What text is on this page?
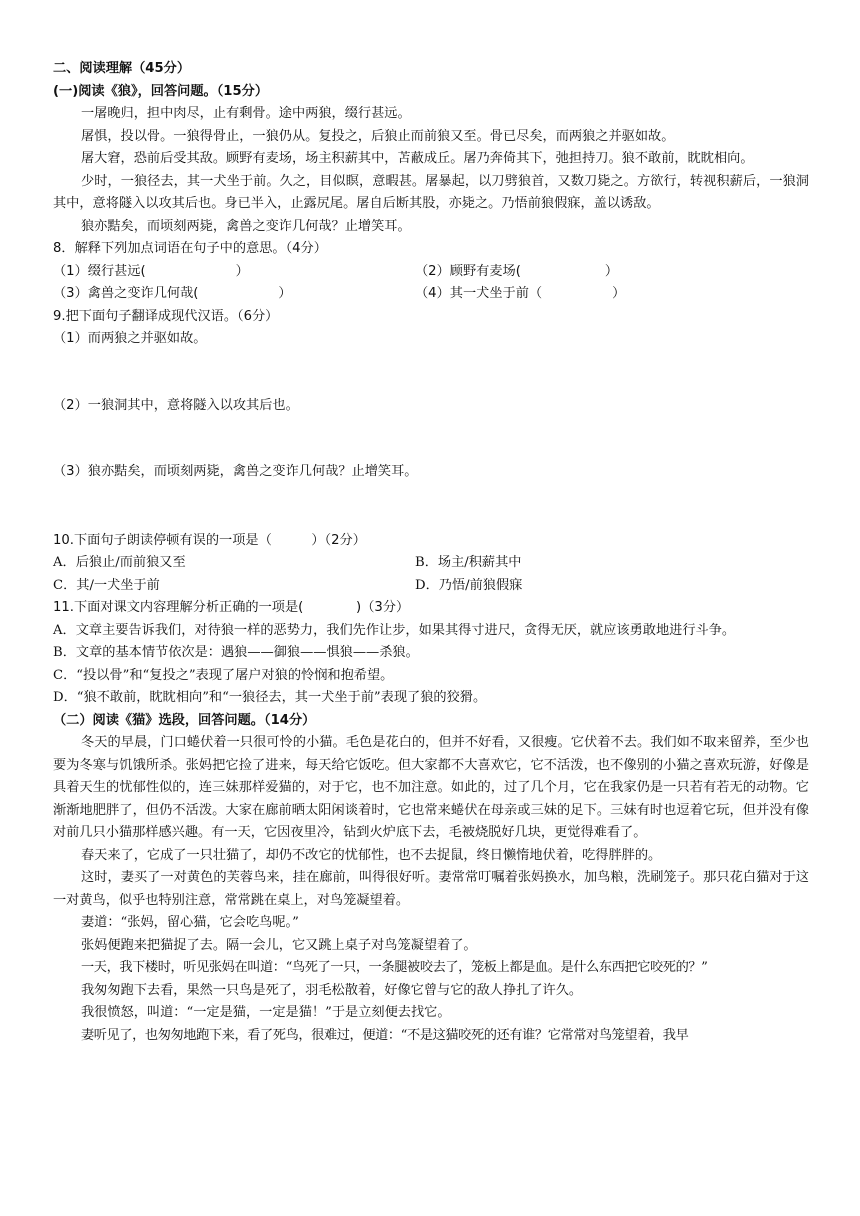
二、阅读理解（45分）
(一)阅读《狼》，回答问题。（15分）
一屠晚归，担中肉尽，止有剩骨。途中两狼，缀行甚远。
屠惧，投以骨。一狼得骨止，一狼仍从。复投之，后狼止而前狼又至。骨已尽矣，而两狼之并驱如故。
屠大窘，恐前后受其敌。顾野有麦场，场主积薪其中，苫蔽成丘。屠乃奔倚其下，弛担持刀。狼不敢前，眈眈相向。
少时，一狼径去，其一犬坐于前。久之，目似瞑，意暇甚。屠暴起，以刀劈狼首，又数刀毙之。方欲行，转视积薪后，一狼洞其中，意将隧入以攻其后也。身已半入，止露尻尾。屠自后断其股，亦毙之。乃悟前狼假寐，盖以诱敌。
狼亦黠矣，而顷刻两毙，禽兽之变诈几何哉？止增笑耳。
8．解释下列加点词语在句子中的意思。（4分）
（1）缀行甚远(	）	（2）顾野有麦场(	）
（3）禽兽之变诈几何哉(	）	（4）其一犬坐于前（	）
9.把下面句子翻译成现代汉语。（6分）
（1）而两狼之并驱如故。
（2）一狼洞其中，意将隧入以攻其后也。
（3）狼亦黠矣，而顷刻两毙，禽兽之变诈几何哉？止增笑耳。
10.下面句子朗读停顿有误的一项是（　　　）（2分）
A．后狼止/而前狼又至	B．场主/积薪其中
C．其/一犬坐于前	D．乃悟/前狼假寐
11.下面对课文内容理解分析正确的一项是(　　　　)（3分）
A．文章主要告诉我们，对待狼一样的恶势力，我们先作让步，如果其得寸进尺，贪得无厌，就应该勇敢地进行斗争。
B．文章的基本情节依次是：遇狼——御狼——惧狼——杀狼。
C．“投以骨”和“复投之”表现了屠户对狼的怜悯和抱希望。
D．“狼不敢前，眈眈相向”和“一狼径去，其一犬坐于前”表现了狼的狡猾。
（二）阅读《猫》选段，回答问题。（14分）
冬天的早晨，门口蜷伏着一只很可怜的小猫。毛色是花白的，但并不好看，又很瘦。它伏着不去。我们如不取来留养，至少也要为冬寒与饥饿所杀。张妈把它捡了进来，每天给它饭吃。但大家都不大喜欢它，它不活泼，也不像别的小猫之喜欢玩游，好像是具着天生的忧郁性似的，连三妹那样爱猫的，对于它，也不加注意。如此的，过了几个月，它在我家仍是一只若有若无的动物。它渐渐地肥胖了，但仍不活泼。大家在廊前晒太阳闲谈着时，它也常来蜷伏在母亲或三妹的足下。三妹有时也逗着它玩，但并没有像对前几只小猫那样感兴趣。有一天，它因夜里冷，钻到火炉底下去，毛被烧脱好几块，更觉得难看了。
春天来了，它成了一只壮猫了，却仍不改它的忧郁性，也不去捉鼠，终日懒惰地伏着，吃得胖胖的。
这时，妻买了一对黄色的芙蓉鸟来，挂在廊前，叫得很好听。妻常常叮嘱着张妈换水，加鸟粮，洗刷笼子。那只花白猫对于这一对黄鸟，似乎也特别注意，常常跳在桌上，对鸟笼凝望着。
妻道：“张妈，留心猫，它会吃鸟呢。”
张妈便跑来把猫捉了去。隔一会儿，它又跳上桌子对鸟笼凝望着了。
一天，我下楼时，听见张妈在叫道：“鸟死了一只，一条腿被咬去了，笼板上都是血。是什么东西把它咬死的？”
我匆匆跑下去看，果然一只鸟是死了，羽毛松散着，好像它曾与它的敌人挣扎了许久。
我很愤怒，叫道：“一定是猫，一定是猫！”于是立刻便去找它。
妻听见了，也匆匆地跑下来，看了死鸟，很难过，便道：“不是这猫咬死的还有谁？它常常对鸟笼望着，我早
